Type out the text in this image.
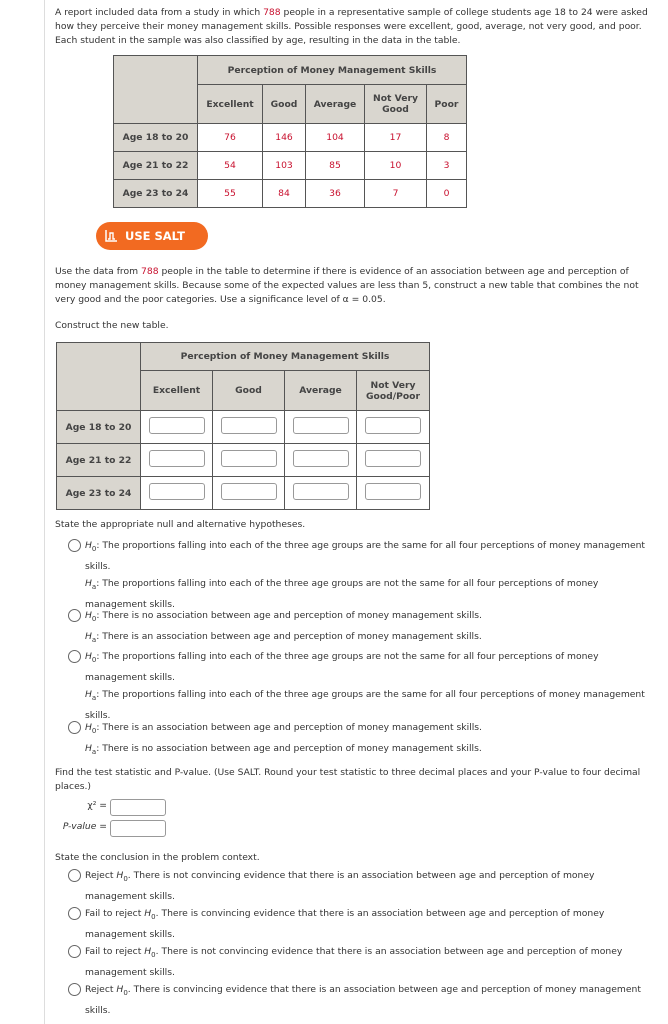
A report included data from a study in which 788 people in a representative sample of college students age 18 to 24 were asked how they perceive their money management skills. Possible responses were excellent, good, average, not very good, and poor. Each student in the sample was also classified by age, resulting in the data in the table.

	Perception of Money Management Skills				
	Excellent	Good	Average	Not Very Good	Poor
Age 18 to 20	76	146	104	17	8
Age 21 to 22	54	103	85	10	3
Age 23 to 24	55	84	36	7	0
USE SALT

Use the data from 788 people in the table to determine if there is evidence of an association between age and perception of money management skills. Because some of the expected values are less than 5, construct a new table that combines the not very good and the poor categories. Use a significance level of α = 0.05.

Construct the new table.

	Perception of Money Management Skills			
	Excellent	Good	Average	Not Very Good/Poor
Age 18 to 20				
Age 21 to 22				
Age 23 to 24				

State the appropriate null and alternative hypotheses.

$H_0$: The proportions falling into each of the three age groups are the same for all four perceptions of money management skills.
$H_a$: The proportions falling into each of the three age groups are not the same for all four perceptions of money management skills.
$H_0$: There is no association between age and perception of money management skills.
$H_a$: There is an association between age and perception of money management skills.
$H_0$: The proportions falling into each of the three age groups are not the same for all four perceptions of money management skills.
$H_a$: The proportions falling into each of the three age groups are the same for all four perceptions of money management skills.
$H_0$: There is an association between age and perception of money management skills.
$H_a$: There is no association between age and perception of money management skills.

Find the test statistic and P-value. (Use SALT. Round your test statistic to three decimal places and your P-value to four decimal places.)

χ² =
P-value =

State the conclusion in the problem context.

Reject $H_0$. There is not convincing evidence that there is an association between age and perception of money management skills.
Fail to reject $H_0$. There is convincing evidence that there is an association between age and perception of money management skills.
Fail to reject $H_0$. There is not convincing evidence that there is an association between age and perception of money management skills.
Reject $H_0$. There is convincing evidence that there is an association between age and perception of money management skills.
